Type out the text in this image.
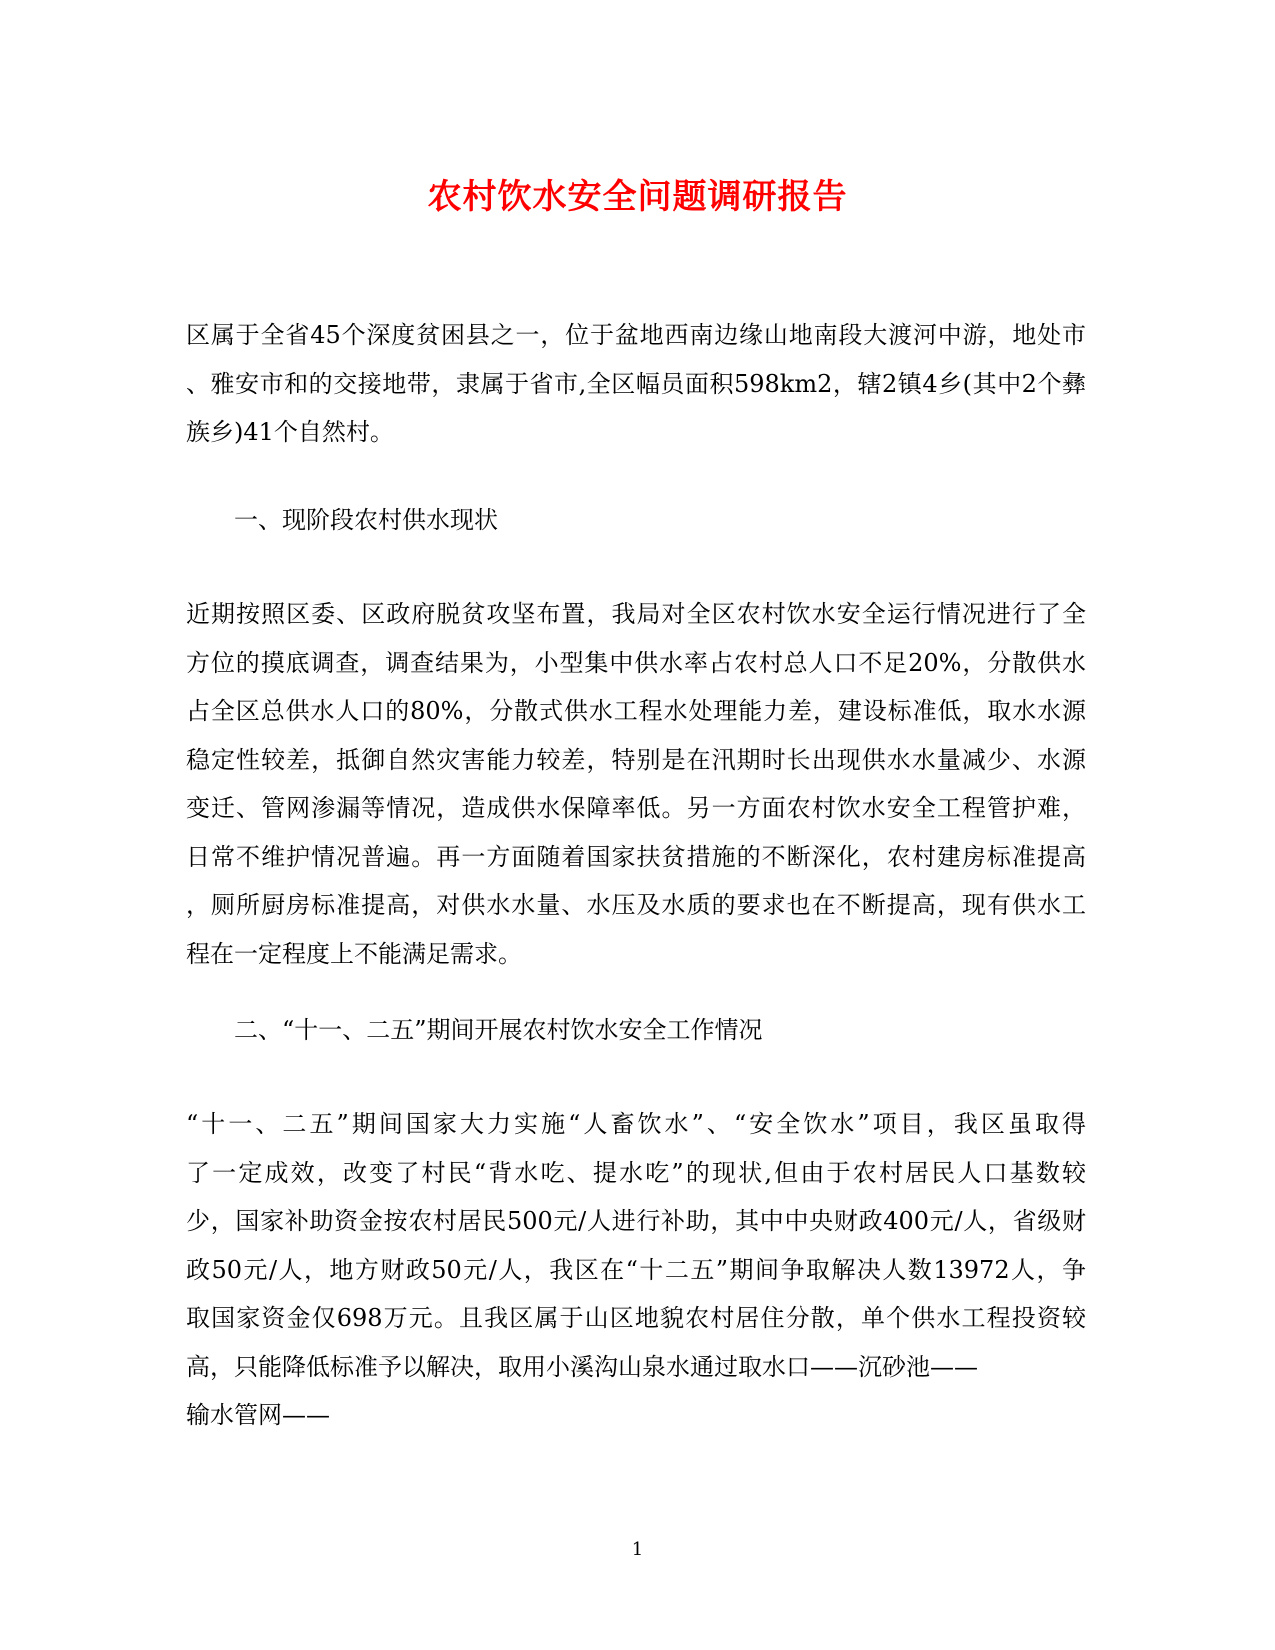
农村饮水安全问题调研报告
区属于全省45个深度贫困县之一，位于盆地西南边缘山地南段大渡河中游，地处市
、雅安市和的交接地带，隶属于省市,全区幅员面积598km2，辖2镇4乡(其中2个彝
族乡)41个自然村。
一、现阶段农村供水现状
近期按照区委、区政府脱贫攻坚布置，我局对全区农村饮水安全运行情况进行了全
方位的摸底调查，调查结果为，小型集中供水率占农村总人口不足20%，分散供水
占全区总供水人口的80%，分散式供水工程水处理能力差，建设标准低，取水水源
稳定性较差，抵御自然灾害能力较差，特别是在汛期时长出现供水水量减少、水源
变迁、管网渗漏等情况，造成供水保障率低。另一方面农村饮水安全工程管护难，
日常不维护情况普遍。再一方面随着国家扶贫措施的不断深化，农村建房标准提高
，厕所厨房标准提高，对供水水量、水压及水质的要求也在不断提高，现有供水工
程在一定程度上不能满足需求。
二、“十一、二五”期间开展农村饮水安全工作情况
“十一、二五”期间国家大力实施“人畜饮水”、“安全饮水”项目，我区虽取得
了一定成效，改变了村民“背水吃、提水吃”的现状,但由于农村居民人口基数较
少，国家补助资金按农村居民500元/人进行补助，其中中央财政400元/人，省级财
政50元/人，地方财政50元/人，我区在“十二五”期间争取解决人数13972人，争
取国家资金仅698万元。且我区属于山区地貌农村居住分散，单个供水工程投资较
高，只能降低标准予以解决，取用小溪沟山泉水通过取水口——沉砂池——
输水管网——
1
